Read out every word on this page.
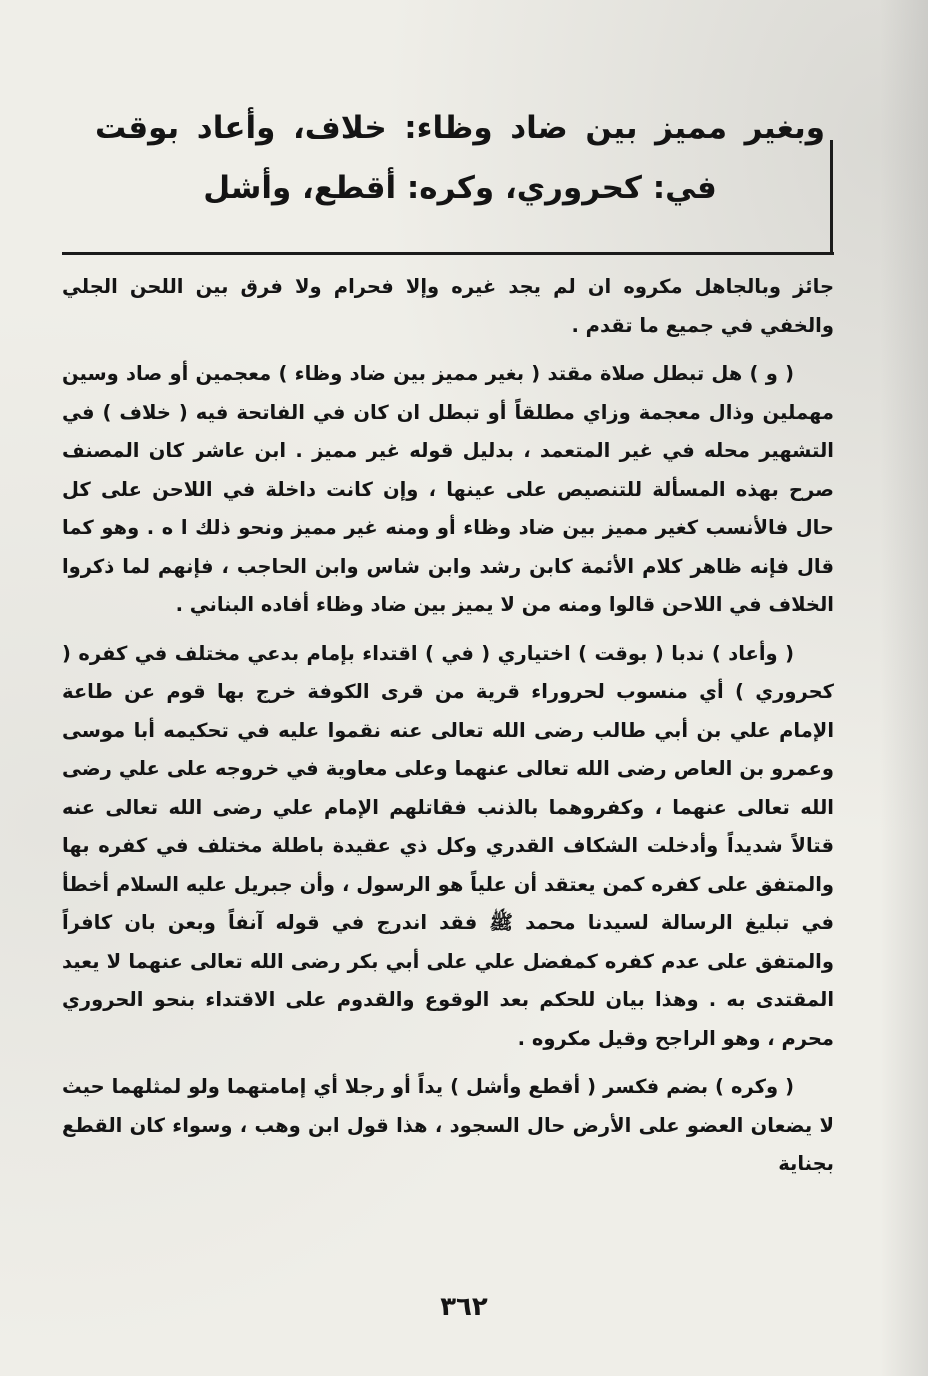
وبغير مميز بين ضاد وظاء: خلاف، وأعاد بوقت في: كحروري، وكره: أقطع، وأشل

جائز وبالجاهل مكروه ان لم يجد غيره وإلا فحرام ولا فرق بين اللحن الجلي والخفي في جميع ما تقدم .

( و ) هل تبطل صلاة مقتد ( بغير مميز بين ضاد وظاء ) معجمين أو صاد وسين مهملين وذال معجمة وزاي مطلقاً أو تبطل ان كان في الفاتحة فيه ( خلاف ) في التشهير محله في غير المتعمد ، بدليل قوله غير مميز . ابن عاشر كان المصنف صرح بهذه المسألة للتنصيص على عينها ، وإن كانت داخلة في اللاحن على كل حال فالأنسب كغير مميز بين ضاد وظاء أو ومنه غير مميز ونحو ذلك ا ه . وهو كما قال فإنه ظاهر كلام الأئمة كابن رشد وابن شاس وابن الحاجب ، فإنهم لما ذكروا الخلاف في اللاحن قالوا ومنه من لا يميز بين ضاد وظاء أفاده البناني .

( وأعاد ) ندبا ( بوقت ) اختياري ( في ) اقتداء بإمام بدعي مختلف في كفره ( كحروري ) أي منسوب لحروراء قرية من قرى الكوفة خرج بها قوم عن طاعة الإمام علي بن أبي طالب رضى الله تعالى عنه نقموا عليه في تحكيمه أبا موسى وعمرو بن العاص رضى الله تعالى عنهما وعلى معاوية في خروجه على علي رضى الله تعالى عنهما ، وكفروهما بالذنب فقاتلهم الإمام علي رضى الله تعالى عنه قتالاً شديداً وأدخلت الشكاف القدري وكل ذي عقيدة باطلة مختلف في كفره بها والمتفق على كفره كمن يعتقد أن علياً هو الرسول ، وأن جبريل عليه السلام أخطأ في تبليغ الرسالة لسيدنا محمد ﷺ فقد اندرج في قوله آنفاً وبعن بان كافراً والمتفق على عدم كفره كمفضل علي على أبي بكر رضى الله تعالى عنهما لا يعيد المقتدى به . وهذا بيان للحكم بعد الوقوع والقدوم على الاقتداء بنحو الحروري محرم ، وهو الراجح وقيل مكروه .

( وكره ) بضم فكسر ( أقطع وأشل ) يداً أو رجلا أي إمامتهما ولو لمثلهما حيث لا يضعان العضو على الأرض حال السجود ، هذا قول ابن وهب ، وسواء كان القطع بجناية

٣٦٢
